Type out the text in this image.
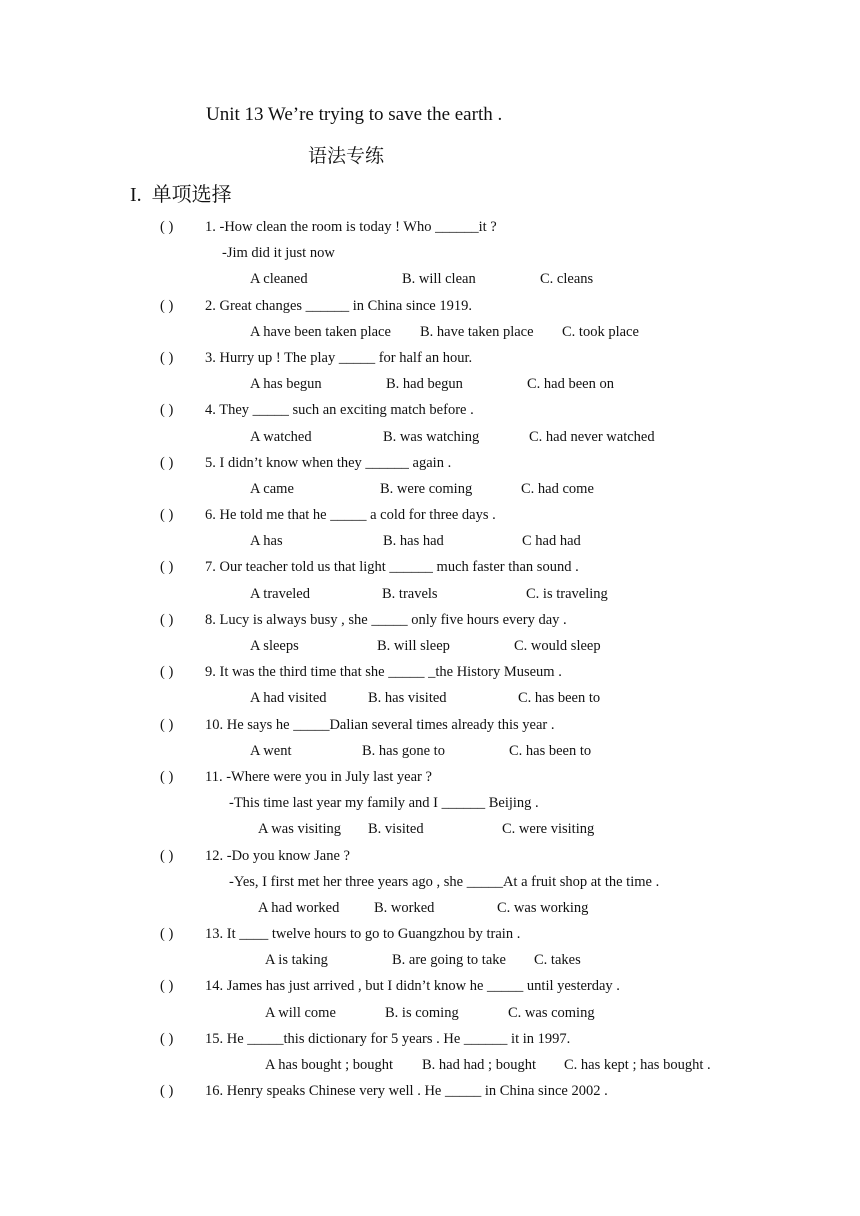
Unit 13 We’re trying to save the earth .
语法专练
I. 单项选择
( ) 1. -How clean the room is today ! Who ______it ?
-Jim did it just now
A cleaned	B. will clean	C. cleans
( ) 2. Great changes ______ in China since 1919.
A have been taken place B. have taken place C. took place
( ) 3. Hurry up ! The play _____ for half an hour.
A has begun	B. had begun	C. had been on
( ) 4. They _____ such an exciting match before .
A watched	B. was watching	C. had never watched
( ) 5. I didn’t know when they ______ again .
A came	B. were coming	C. had come
( ) 6. He told me that he _____ a cold for three days .
A has	B. has had	C had had
( ) 7. Our teacher told us that light ______ much faster than sound .
A traveled	B. travels	C. is traveling
( ) 8. Lucy is always busy , she _____ only five hours every day .
A sleeps	B. will sleep	C. would sleep
( ) 9. It was the third time that she _____ _the History Museum .
A had visited	B. has visited	C. has been to
( ) 10. He says he _____Dalian several times already this year .
A went	B. has gone to	C. has been to
( ) 11. -Where were you in July last year ?
-This time last year my family and I ______ Beijing .
A was visiting B. visited	C. were visiting
( ) 12. -Do you know Jane ?
-Yes, I first met her three years ago , she _____At a fruit shop at the time .
A had worked B. worked	C. was working
( ) 13. It ____ twelve hours to go to Guangzhou by train .
A is taking	B. are going to take C. takes
( ) 14. James has just arrived , but I didn’t know he _____ until yesterday .
A will come	B. is coming	C. was coming
( ) 15. He _____this dictionary for 5 years . He ______ it in 1997.
A has bought ; bought B. had had ; bought C. has kept ; has bought .
( ) 16. Henry speaks Chinese very well . He _____ in China since 2002 .
